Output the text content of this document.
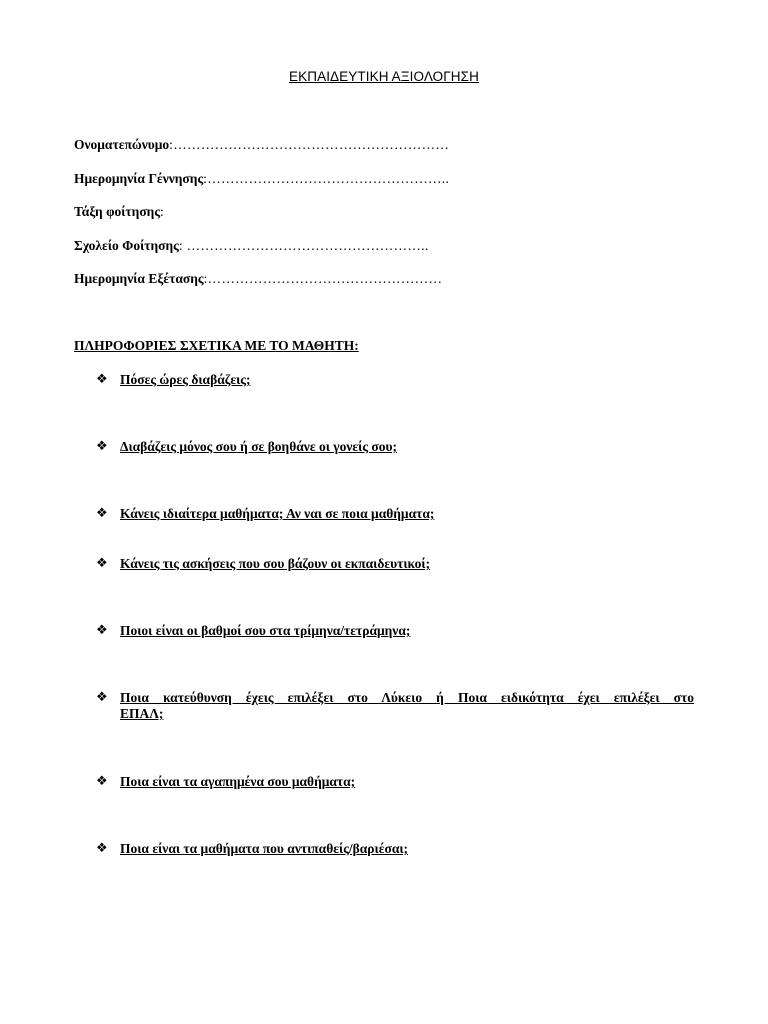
ΕΚΠΑΙΔΕΥΤΙΚΗ ΑΞΙΟΛΟΓΗΣΗ
Ονοματεπώνυμο:……………………………………………………
Ημερομηνία Γέννησης:……………………………………………..
Τάξη φοίτησης:
Σχολείο Φοίτησης: ……………………………………………..
Ημερομηνία Εξέτασης:……………………………………………
ΠΛΗΡΟΦΟΡΙΕΣ ΣΧΕΤΙΚΑ ΜΕ ΤΟ ΜΑΘΗΤΗ:
❖ Πόσες ώρες διαβάζεις;
❖ Διαβάζεις μόνος σου ή σε βοηθάνε οι γονείς σου;
❖ Κάνεις ιδιαίτερα μαθήματα; Αν ναι σε ποια μαθήματα;
❖ Κάνεις τις ασκήσεις που σου βάζουν οι εκπαιδευτικοί;
❖ Ποιοι είναι οι βαθμοί σου στα τρίμηνα/τετράμηνα;
❖ Ποια κατεύθυνση έχεις επιλέξει στο Λύκειο ή Ποια ειδικότητα έχει επιλέξει στο
ΕΠΑΛ;
❖ Ποια είναι τα αγαπημένα σου μαθήματα;
❖ Ποια είναι τα μαθήματα που αντιπαθείς/βαριέσαι;
